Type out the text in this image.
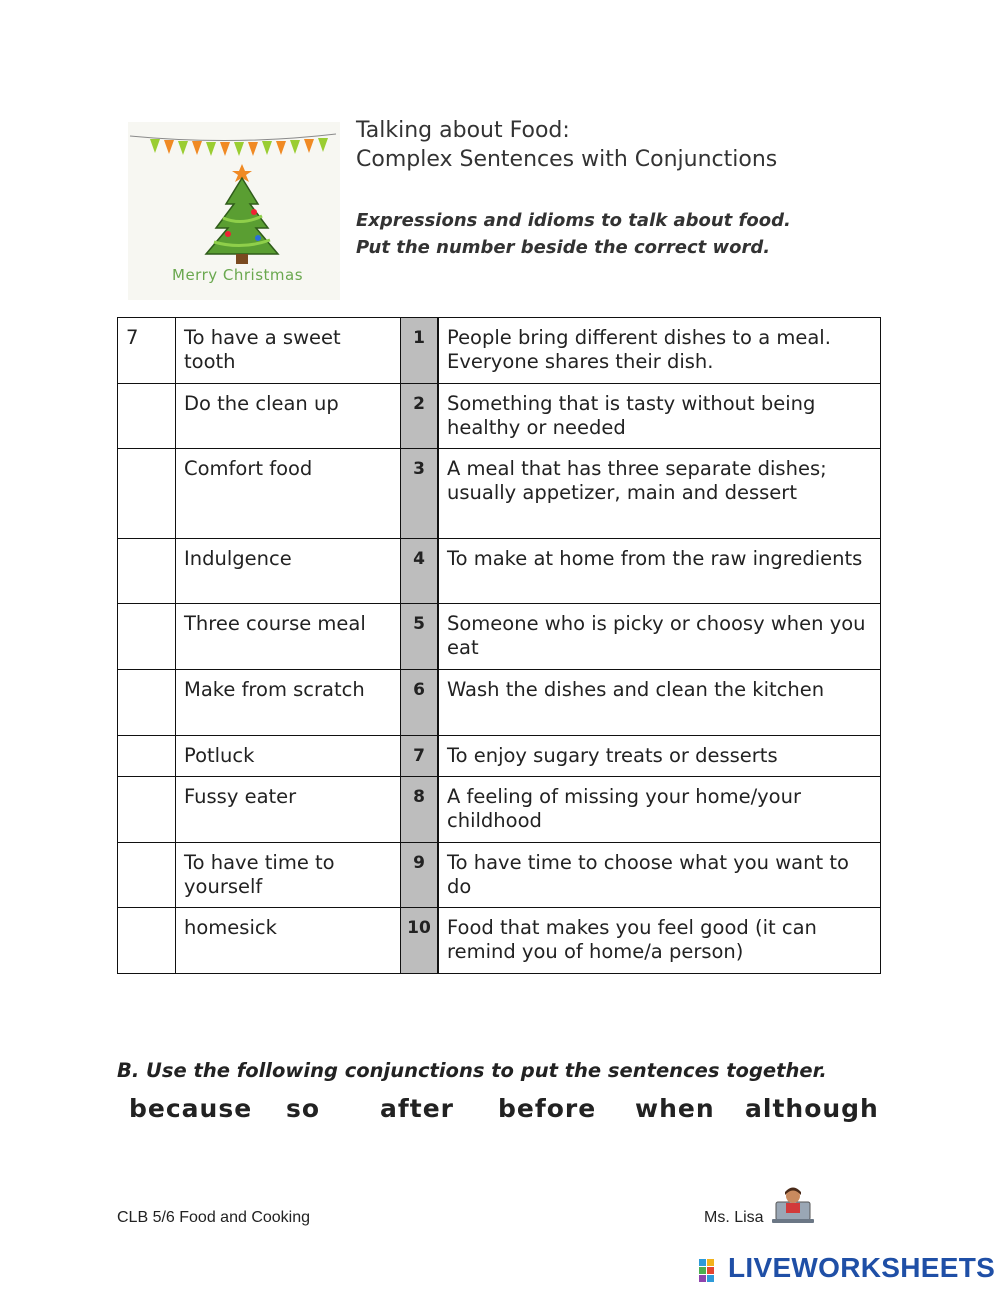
Merry Christmas
Talking about Food:
Complex Sentences with Conjunctions
Expressions and idioms to talk about food.
Put the number beside the correct word.
7	To have a sweet tooth	1	People bring different dishes to a meal. Everyone shares their dish.
	Do the clean up	2	Something that is tasty without being healthy or needed
	Comfort food	3	A meal that has three separate dishes; usually appetizer, main and dessert
	Indulgence	4	To make at home from the raw ingredients
	Three course meal	5	Someone who is picky or choosy when you eat
	Make from scratch	6	Wash the dishes and clean the kitchen
	Potluck	7	To enjoy sugary treats or desserts
	Fussy eater	8	A feeling of missing your home/your childhood
	To have time to yourself	9	To have time to choose what you want to do
	homesick	10	Food that makes you feel good (it can remind you of home/a person)
B. Use the following conjunctions to put the sentences together.
because so after before when although
CLB 5/6 Food and Cooking	Ms. Lisa
LIVEWORKSHEETS
